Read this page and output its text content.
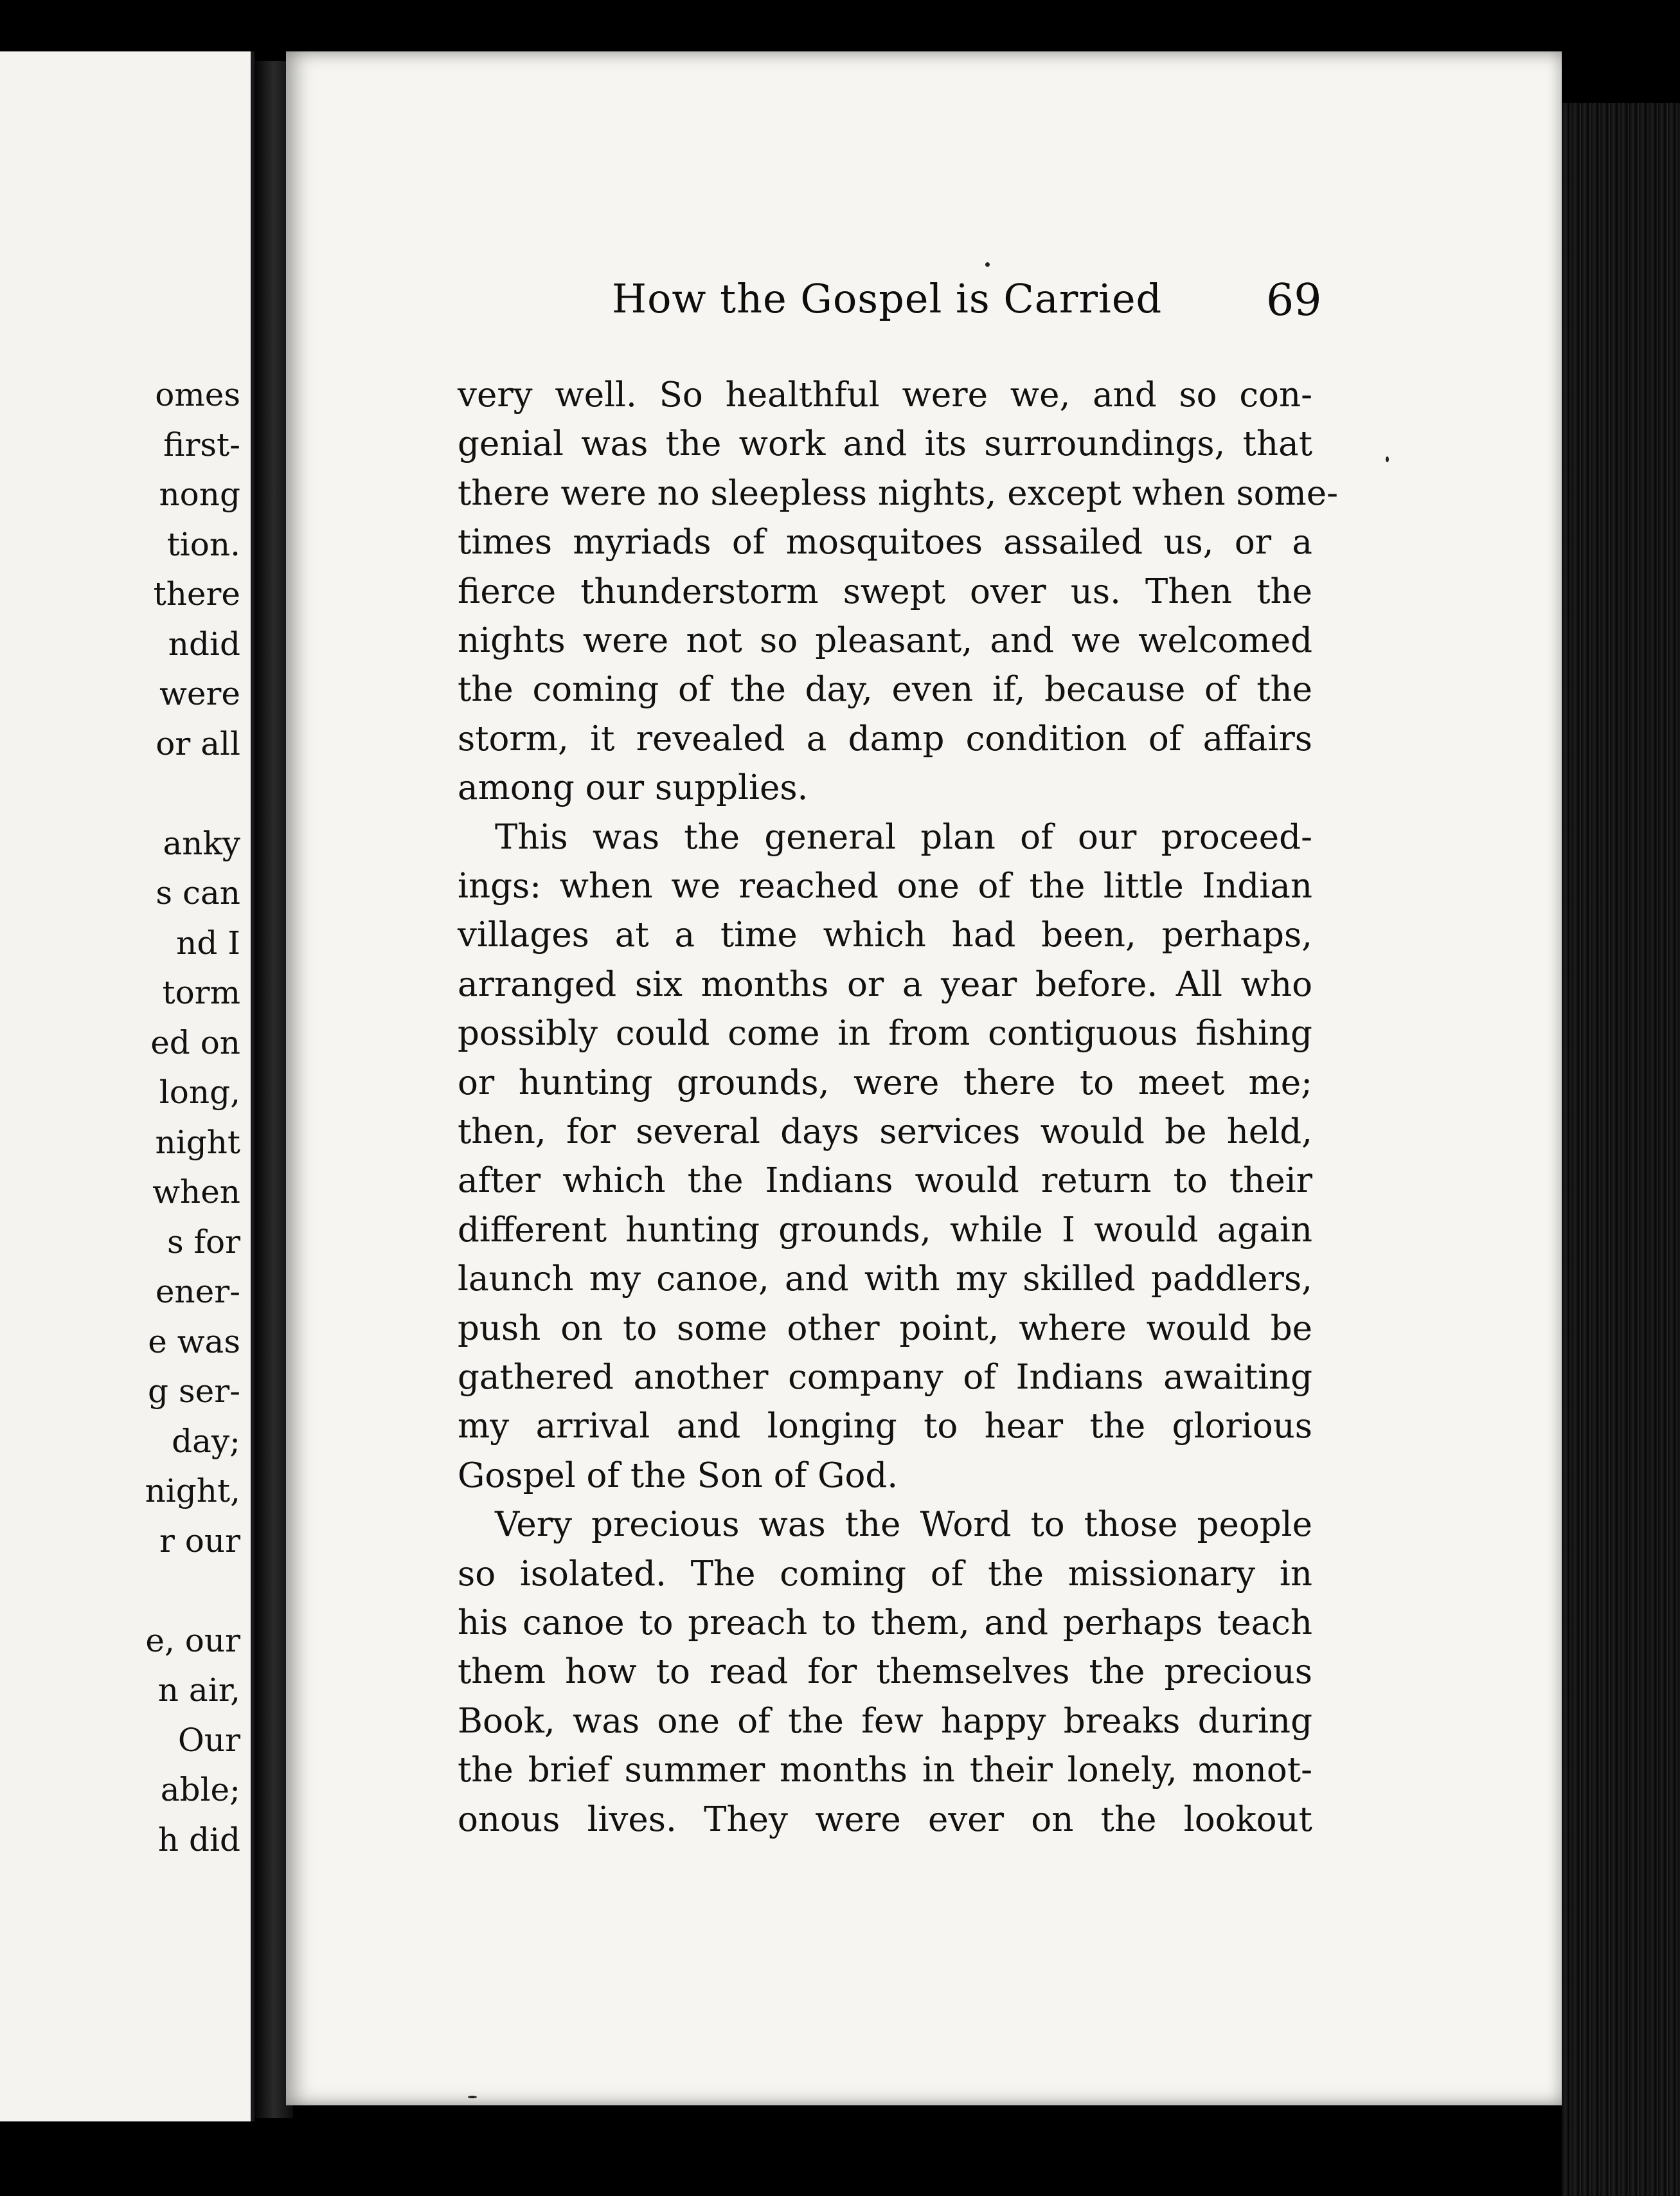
omes
first-
nong
tion.
there
ndid
were
or all
anky
s can
nd I
torm
ed on
long,
night
when
s for
ener-
e was
g ser-
day;
night,
r our
e, our
n air,
Our
able;
h did
How the Gospel is Carried 69
very well. So healthful were we, and so con-
genial was the work and its surroundings, that
there were no sleepless nights, except when some-
times myriads of mosquitoes assailed us, or a
fierce thunderstorm swept over us. Then the
nights were not so pleasant, and we welcomed
the coming of the day, even if, because of the
storm, it revealed a damp condition of affairs
among our supplies.
This was the general plan of our proceed-
ings: when we reached one of the little Indian
villages at a time which had been, perhaps,
arranged six months or a year before. All who
possibly could come in from contiguous fishing
or hunting grounds, were there to meet me;
then, for several days services would be held,
after which the Indians would return to their
different hunting grounds, while I would again
launch my canoe, and with my skilled paddlers,
push on to some other point, where would be
gathered another company of Indians awaiting
my arrival and longing to hear the glorious
Gospel of the Son of God.
Very precious was the Word to those people
so isolated. The coming of the missionary in
his canoe to preach to them, and perhaps teach
them how to read for themselves the precious
Book, was one of the few happy breaks during
the brief summer months in their lonely, monot-
onous lives. They were ever on the lookout
